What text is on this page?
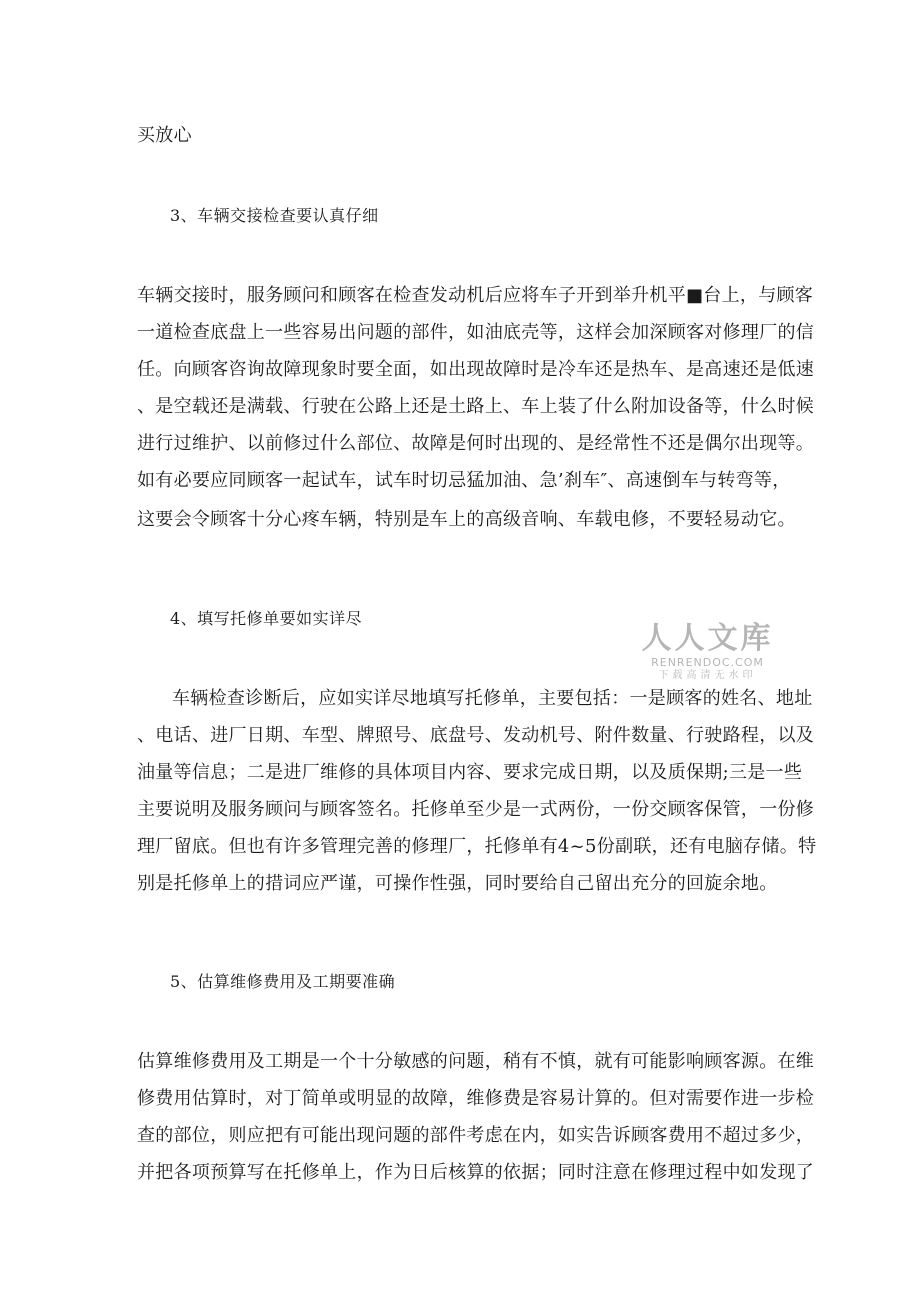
买放心
3、车辆交接检查要认真仔细
车辆交接时，服务顾问和顾客在检查发动机后应将车子开到举升机平■台上，与顾客
一道检查底盘上一些容易出问题的部件，如油底壳等，这样会加深顾客对修理厂的信
任。向顾客咨询故障现象时要全面，如出现故障时是冷车还是热车、是高速还是低速
、是空载还是满载、行驶在公路上还是土路上、车上装了什么附加设备等，什么时候
进行过维护、以前修过什么部位、故障是何时出现的、是经常性不还是偶尔出现等。
如有必要应同顾客一起试车，试车时切忌猛加油、急’刹车″、高速倒车与转弯等，
这要会令顾客十分心疼车辆，特别是车上的高级音响、车载电修，不要轻易动它。
4、填写托修单要如实详尽
车辆检查诊断后，应如实详尽地填写托修单，主要包括：一是顾客的姓名、地址
、电话、进厂日期、车型、牌照号、底盘号、发动机号、附件数量、行驶路程，以及
油量等信息；二是进厂维修的具体项目内容、要求完成日期，以及质保期;三是一些
主要说明及服务顾问与顾客签名。托修单至少是一式两份，一份交顾客保管，一份修
理厂留底。但也有许多管理完善的修理厂，托修单有4~5份副联，还有电脑存储。特
别是托修单上的措词应严谨，可操作性强，同时要给自己留出充分的回旋余地。
5、估算维修费用及工期要准确
估算维修费用及工期是一个十分敏感的问题，稍有不慎，就有可能影响顾客源。在维
修费用估算时，对丁简单或明显的故障，维修费是容易计算的。但对需要作进一步检
查的部位，则应把有可能出现问题的部件考虑在内，如实告诉顾客费用不超过多少，
并把各项预算写在托修单上，作为日后核算的依据；同时注意在修理过程中如发现了
人人文库
RENRENDOC.COM
下载高清无水印
